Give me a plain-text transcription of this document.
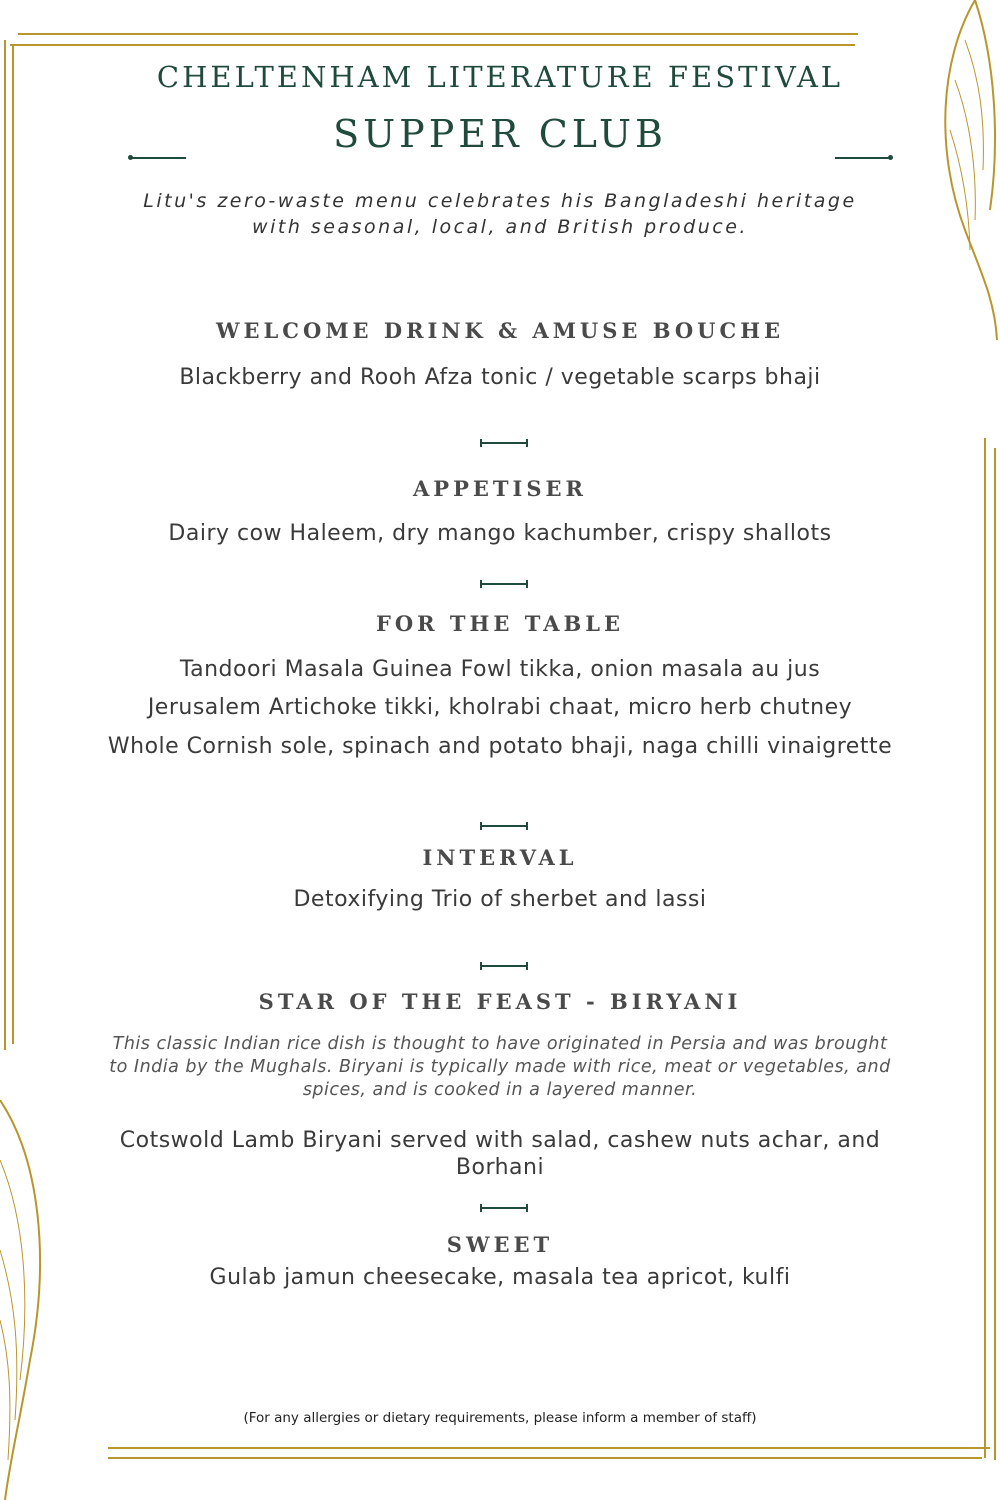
CHELTENHAM LITERATURE FESTIVAL
SUPPER CLUB
Litu's zero-waste menu celebrates his Bangladeshi heritage
with seasonal, local, and British produce.
WELCOME DRINK & AMUSE BOUCHE
Blackberry and Rooh Afza tonic / vegetable scarps bhaji
APPETISER
Dairy cow Haleem, dry mango kachumber, crispy shallots
FOR THE TABLE
Tandoori Masala Guinea Fowl tikka, onion masala au jus
Jerusalem Artichoke tikki, kholrabi chaat, micro herb chutney
Whole Cornish sole, spinach and potato bhaji, naga chilli vinaigrette
INTERVAL
Detoxifying Trio of sherbet and lassi
STAR OF THE FEAST - BIRYANI
This classic Indian rice dish is thought to have originated in Persia and was brought
to India by the Mughals. Biryani is typically made with rice, meat or vegetables, and
spices, and is cooked in a layered manner.
Cotswold Lamb Biryani served with salad, cashew nuts achar, and
Borhani
SWEET
Gulab jamun cheesecake, masala tea apricot, kulfi
(For any allergies or dietary requirements, please inform a member of staff)
